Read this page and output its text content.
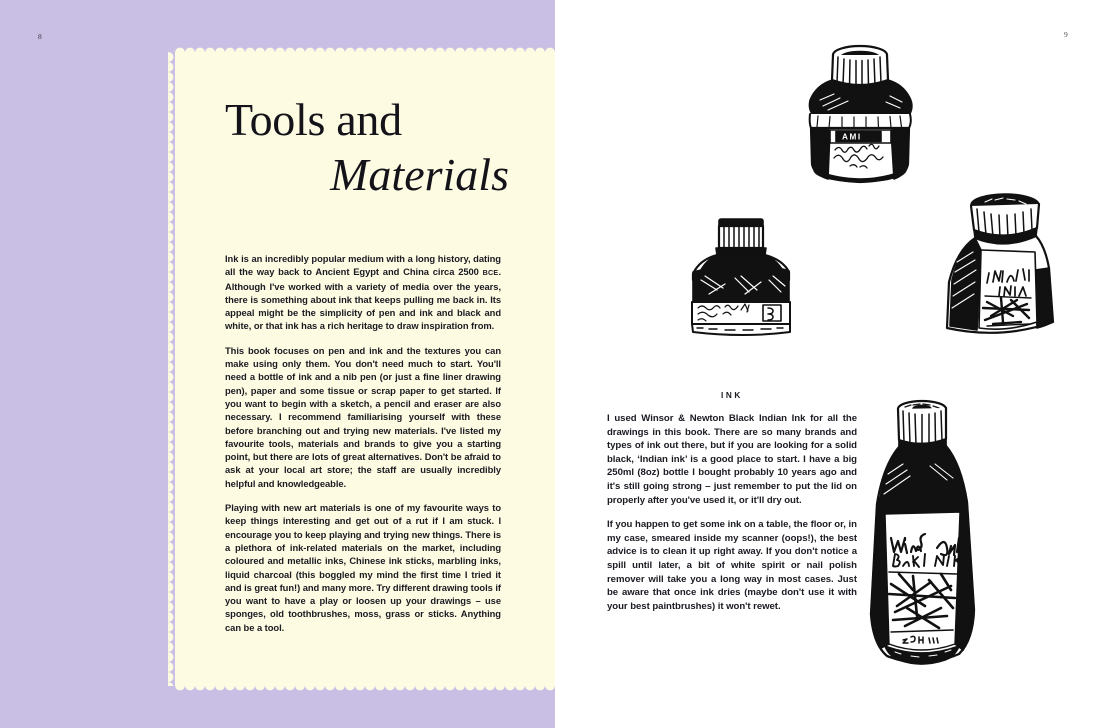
8
Tools and
Materials

Ink is an incredibly popular medium with a long history, dating all the way back to Ancient Egypt and China circa 2500 BCE. Although I've worked with a variety of media over the years, there is something about ink that keeps pulling me back in. Its appeal might be the simplicity of pen and ink and black and white, or that ink has a rich heritage to draw inspiration from.

This book focuses on pen and ink and the textures you can make using only them. You don't need much to start. You'll need a bottle of ink and a nib pen (or just a fine liner drawing pen), paper and some tissue or scrap paper to get started. If you want to begin with a sketch, a pencil and eraser are also necessary. I recommend familiarising yourself with these before branching out and trying new materials. I've listed my favourite tools, materials and brands to give you a starting point, but there are lots of great alternatives. Don't be afraid to ask at your local art store; the staff are usually incredibly helpful and knowledgeable.

Playing with new art materials is one of my favourite ways to keep things interesting and get out of a rut if I am stuck. I encourage you to keep playing and trying new things. There is a plethora of ink-related materials on the market, including coloured and metallic inks, Chinese ink sticks, marbling inks, liquid charcoal (this boggled my mind the first time I tried it and is great fun!) and many more. Try different drawing tools if you want to have a play or loosen up your drawings – use sponges, old toothbrushes, moss, grass or sticks. Anything can be a tool.

9
AMI
INK

I used Winsor & Newton Black Indian Ink for all the drawings in this book. There are so many brands and types of ink out there, but if you are looking for a solid black, ‘Indian ink’ is a good place to start. I have a big 250ml (8oz) bottle I bought probably 10 years ago and it's still going strong – just remember to put the lid on properly after you've used it, or it'll dry out.

If you happen to get some ink on a table, the floor or, in my case, smeared inside my scanner (oops!), the best advice is to clean it up right away. If you don't notice a spill until later, a bit of white spirit or nail polish remover will take you a long way in most cases. Just be aware that once ink dries (maybe don't use it with your best paintbrushes) it won't rewet.
